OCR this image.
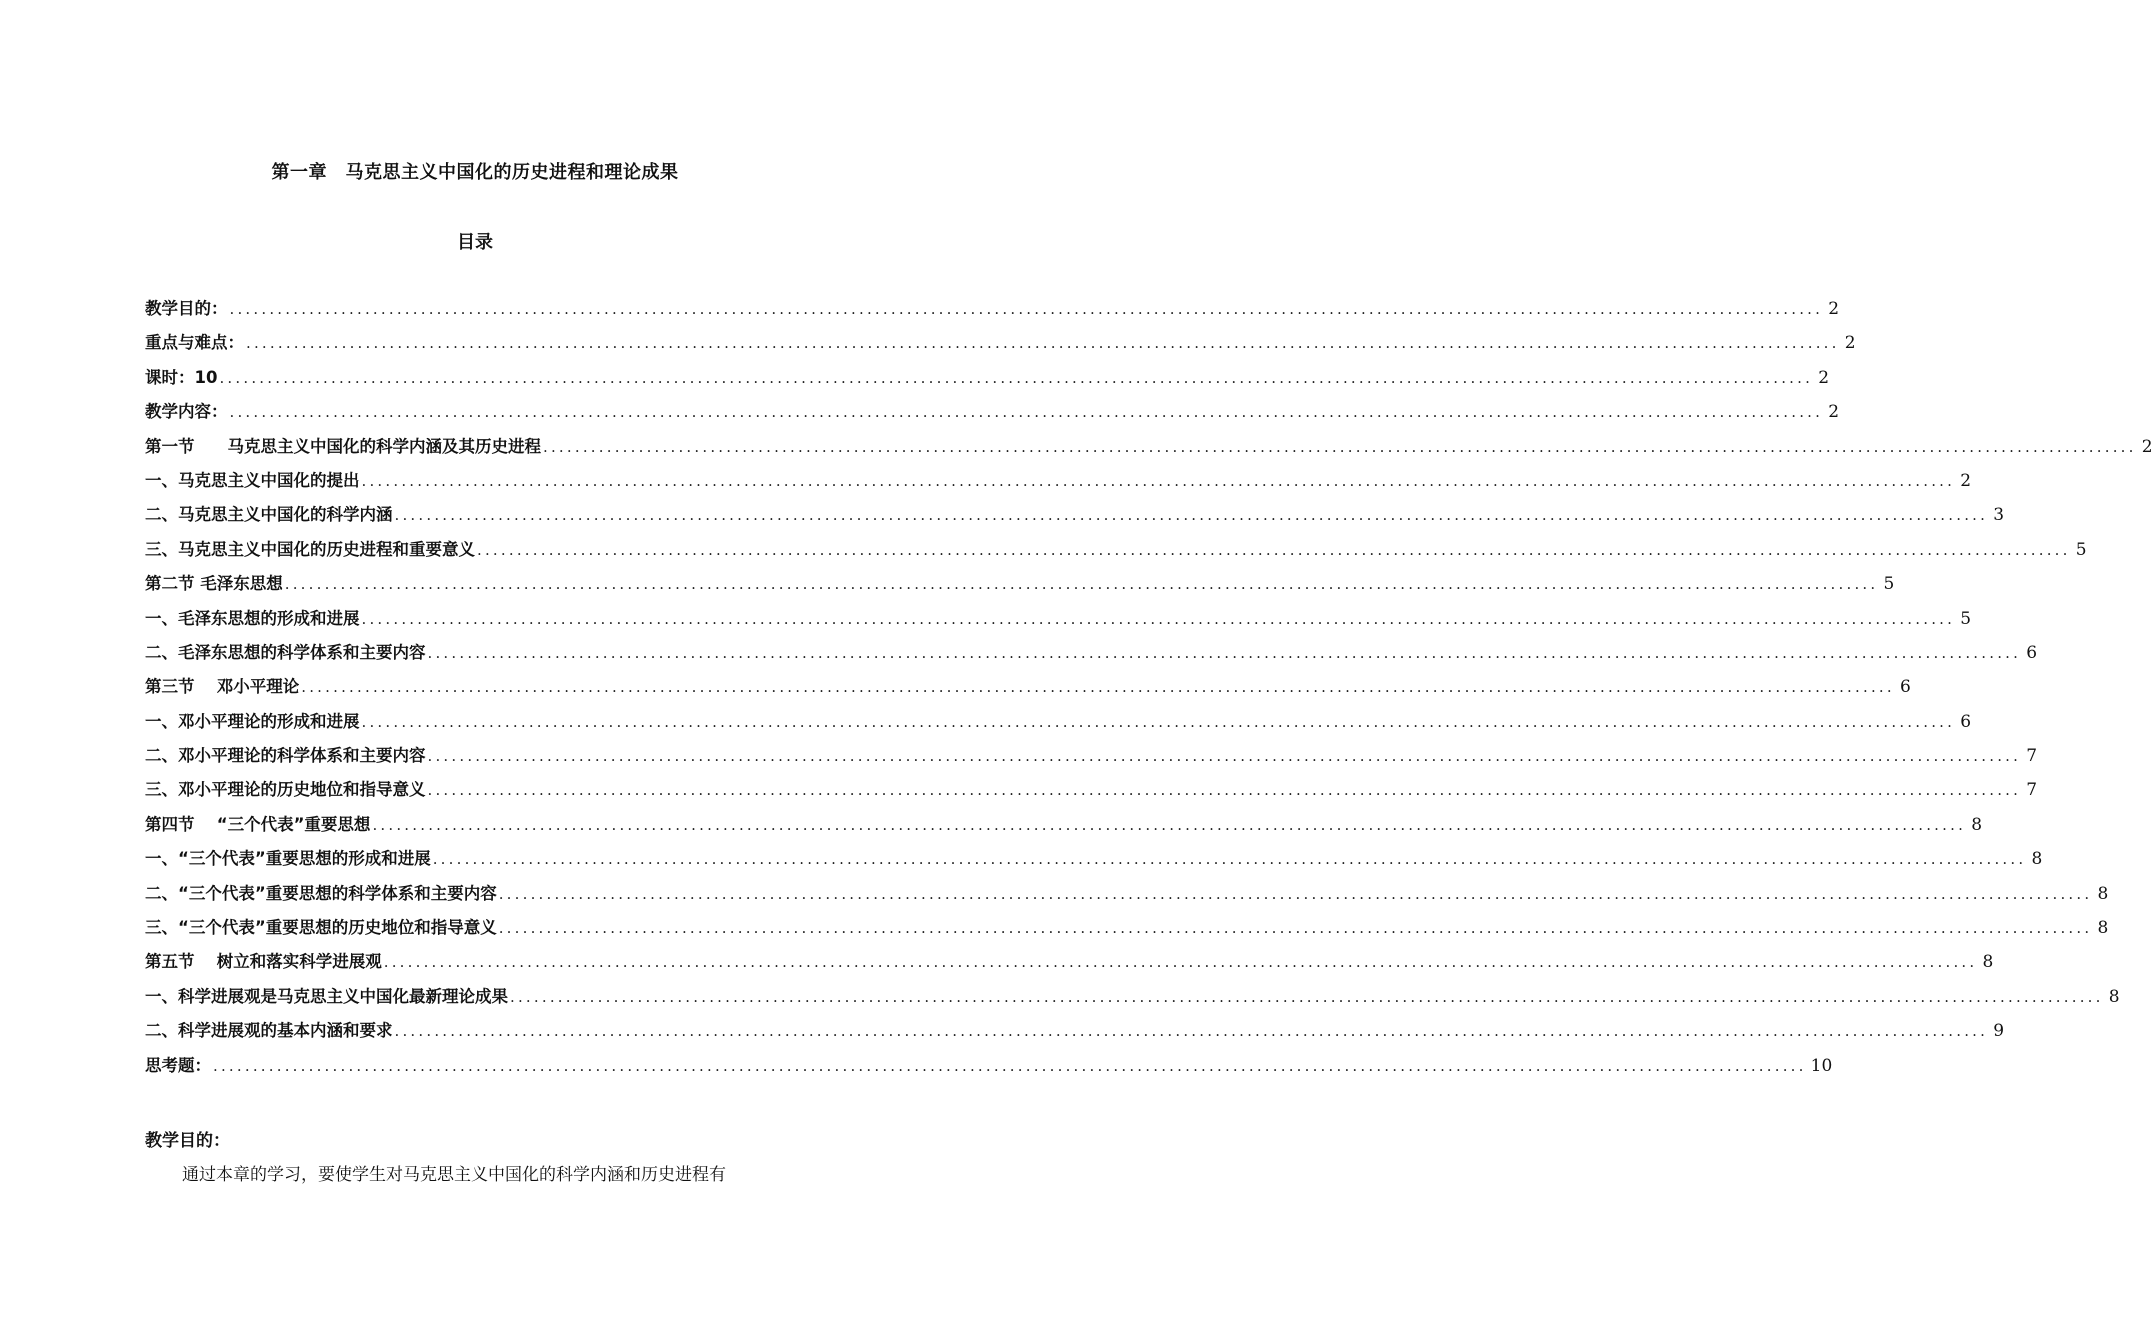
第一章　马克思主义中国化的历史进程和理论成果
目录
教学目的： ........................................................................................................................................................................................................ 2
重点与难点： ........................................................................................................................................................................................................ 2
课时：10 ........................................................................................................................................................................................................ 2
教学内容： ........................................................................................................................................................................................................ 2
第一节　　马克思主义中国化的科学内涵及其历史进程 ........................................................................................................................................................................................................ 2
一、马克思主义中国化的提出 ........................................................................................................................................................................................................ 2
二、马克思主义中国化的科学内涵 ........................................................................................................................................................................................................ 3
三、马克思主义中国化的历史进程和重要意义 ........................................................................................................................................................................................................ 5
第二节 毛泽东思想 ........................................................................................................................................................................................................ 5
一、毛泽东思想的形成和进展 ........................................................................................................................................................................................................ 5
二、毛泽东思想的科学体系和主要内容 ........................................................................................................................................................................................................ 6
第三节　 邓小平理论 ........................................................................................................................................................................................................ 6
一、邓小平理论的形成和进展 ........................................................................................................................................................................................................ 6
二、邓小平理论的科学体系和主要内容 ........................................................................................................................................................................................................ 7
三、邓小平理论的历史地位和指导意义 ........................................................................................................................................................................................................ 7
第四节　 “三个代表”重要思想 ........................................................................................................................................................................................................ 8
一、“三个代表”重要思想的形成和进展 ........................................................................................................................................................................................................ 8
二、“三个代表”重要思想的科学体系和主要内容 ........................................................................................................................................................................................................ 8
三、“三个代表”重要思想的历史地位和指导意义 ........................................................................................................................................................................................................ 8
第五节　 树立和落实科学进展观 ........................................................................................................................................................................................................ 8
一、科学进展观是马克思主义中国化最新理论成果 ........................................................................................................................................................................................................ 8
二、科学进展观的基本内涵和要求 ........................................................................................................................................................................................................ 9
思考题： ........................................................................................................................................................................................................ 10
教学目的：
通过本章的学习，要使学生对马克思主义中国化的科学内涵和历史进程有
